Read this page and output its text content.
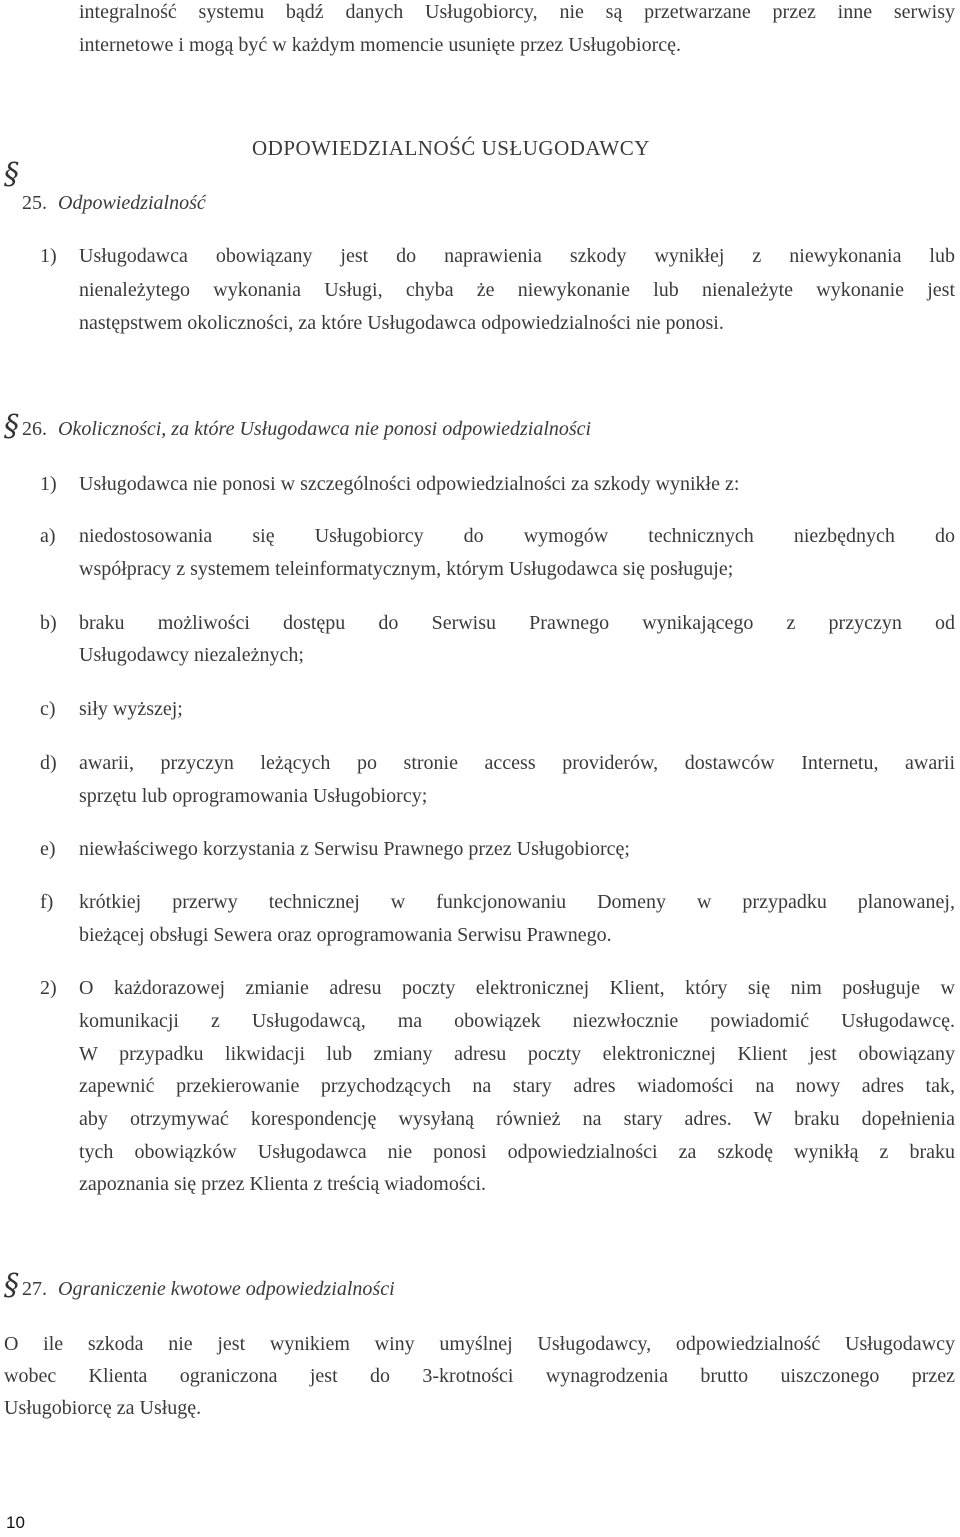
integralność systemu bądź danych Usługobiorcy, nie są przetwarzane przez inne serwisy
internetowe i mogą być w każdym momencie usunięte przez Usługobiorcę.
ODPOWIEDZIALNOŚĆ USŁUGODAWCY
§
25. Odpowiedzialność
1) Usługodawca obowiązany jest do naprawienia szkody wynikłej z niewykonania lub
nienależytego wykonania Usługi, chyba że niewykonanie lub nienależyte wykonanie jest
następstwem okoliczności, za które Usługodawca odpowiedzialności nie ponosi.
§ 26. Okoliczności, za które Usługodawca nie ponosi odpowiedzialności
1) Usługodawca nie ponosi w szczególności odpowiedzialności za szkody wynikłe z:
a) niedostosowania się Usługobiorcy do wymogów technicznych niezbędnych do
współpracy z systemem teleinformatycznym, którym Usługodawca się posługuje;
b) braku możliwości dostępu do Serwisu Prawnego wynikającego z przyczyn od
Usługodawcy niezależnych;
c) siły wyższej;
d) awarii, przyczyn leżących po stronie access providerów, dostawców Internetu, awarii
sprzętu lub oprogramowania Usługobiorcy;
e) niewłaściwego korzystania z Serwisu Prawnego przez Usługobiorcę;
f) krótkiej przerwy technicznej w funkcjonowaniu Domeny w przypadku planowanej,
bieżącej obsługi Sewera oraz oprogramowania Serwisu Prawnego.
2) O każdorazowej zmianie adresu poczty elektronicznej Klient, który się nim posługuje w
komunikacji z Usługodawcą, ma obowiązek niezwłocznie powiadomić Usługodawcę.
W przypadku likwidacji lub zmiany adresu poczty elektronicznej Klient jest obowiązany
zapewnić przekierowanie przychodzących na stary adres wiadomości na nowy adres tak,
aby otrzymywać korespondencję wysyłaną również na stary adres. W braku dopełnienia
tych obowiązków Usługodawca nie ponosi odpowiedzialności za szkodę wynikłą z braku
zapoznania się przez Klienta z treścią wiadomości.
§ 27. Ograniczenie kwotowe odpowiedzialności
O ile szkoda nie jest wynikiem winy umyślnej Usługodawcy, odpowiedzialność Usługodawcy
wobec Klienta ograniczona jest do 3-krotności wynagrodzenia brutto uiszczonego przez
Usługobiorcę za Usługę.
10
